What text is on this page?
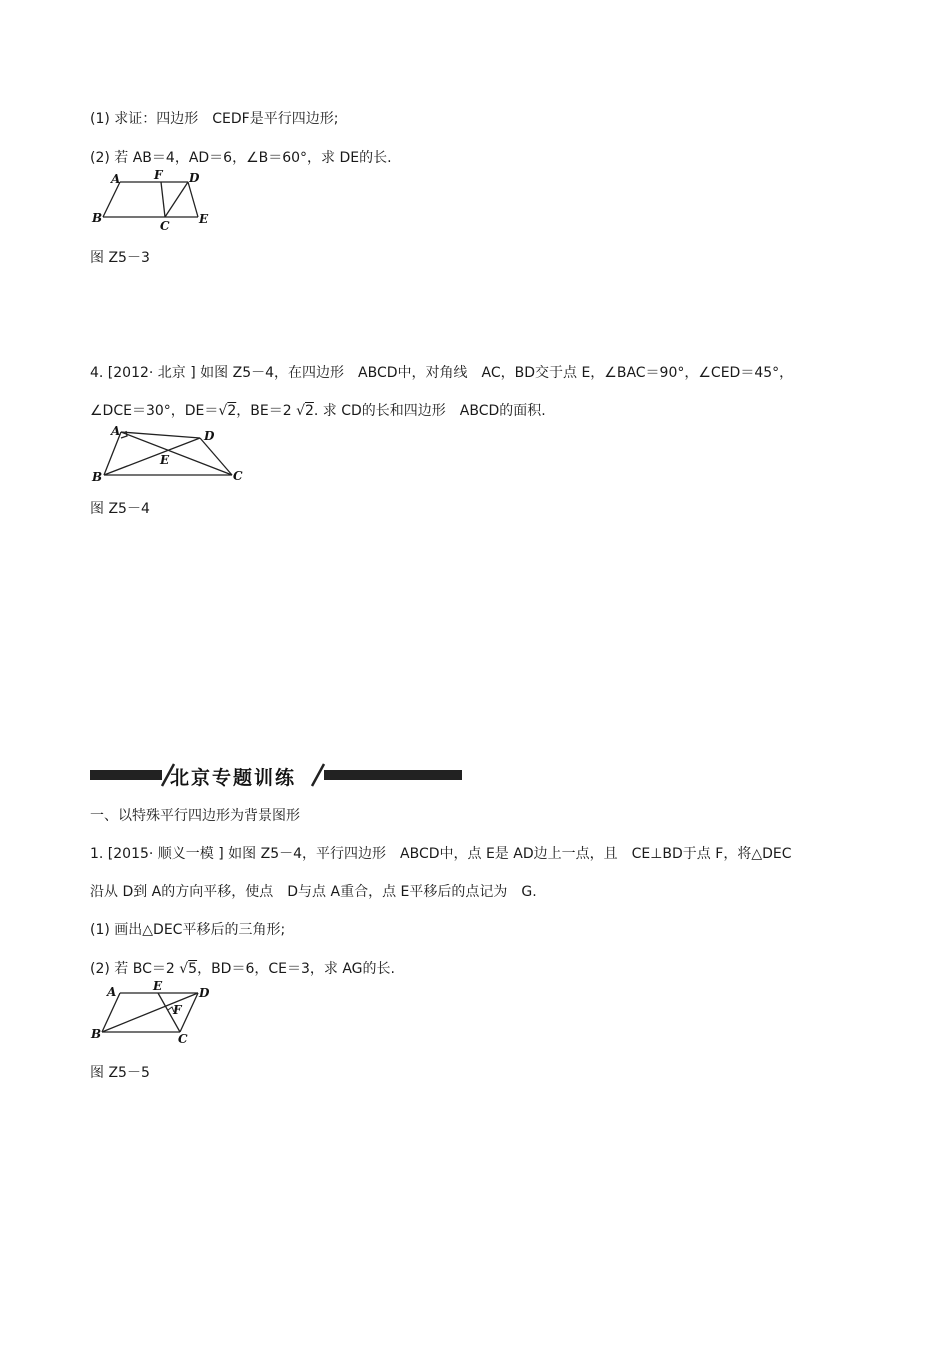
(1) 求证：四边形　CEDF是平行四边形;
(2) 若 AB＝4，AD＝6，∠B＝60°，求 DE的长.
A	F D
B
C E
图 Z5－3
4. [2012· 北京 ] 如图 Z5－4，在四边形　ABCD中，对角线　AC，BD交于点 E，∠BAC＝90°，∠CED＝45°，
∠DCE＝30°，DE＝√2，BE＝2 √2. 求 CD的长和四边形　ABCD的面积.
A	D
E
B	C
图 Z5－4
北京专题训练
一、以特殊平行四边形为背景图形
1. [2015· 顺义一模 ] 如图 Z5－4，平行四边形　ABCD中，点 E是 AD边上一点，且　CE⊥BD于点 F，将△DEC
沿从 D到 A的方向平移，使点　D与点 A重合，点 E平移后的点记为　G.
(1) 画出△DEC平移后的三角形;
(2) 若 BC＝2 √5，BD＝6，CE＝3，求 AG的长.
A	E	D
F
B	C
图 Z5－5
